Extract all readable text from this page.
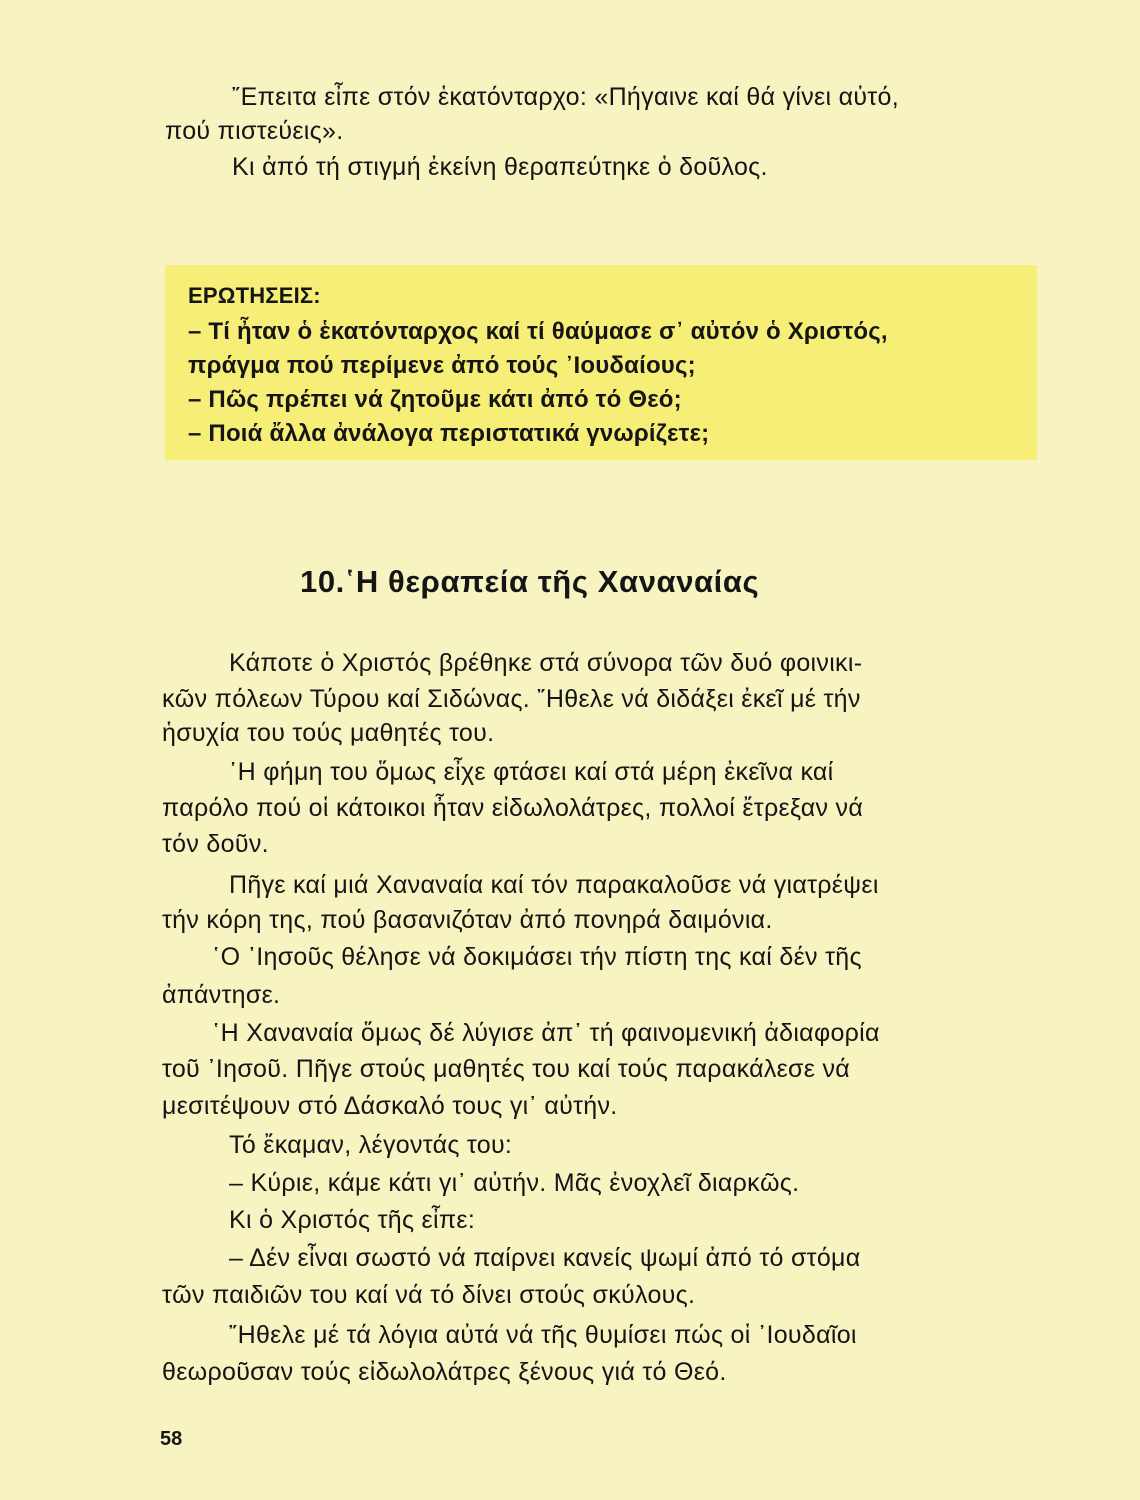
῎Επειτα εἶπε στόν ἑκατόνταρχο: «Πήγαινε καί θά γίνει αὐτό,
πού πιστεύεις».
Κι ἀπό τή στιγμή ἐκείνη θεραπεύτηκε ὁ δοῦλος.
ΕΡΩΤΗΣΕΙΣ:
– Τί ἦταν ὁ ἑκατόνταρχος καί τί θαύμασε σ᾽ αὐτόν ὁ Χριστός,
πράγμα πού περίμενε ἀπό τούς ᾽Ιουδαίους;
– Πῶς πρέπει νά ζητοῦμε κάτι ἀπό τό Θεό;
– Ποιά ἄλλα ἀνάλογα περιστατικά γνωρίζετε;
10.῾Η θεραπεία τῆς Χαναναίας
Κάποτε ὁ Χριστός βρέθηκε στά σύνορα τῶν δυό φοινικι-
κῶν πόλεων Τύρου καί Σιδώνας. ῎Ηθελε νά διδάξει ἐκεῖ μέ τήν
ἡσυχία του τούς μαθητές του.
῾Η φήμη του ὅμως εἶχε φτάσει καί στά μέρη ἐκεῖνα καί
παρόλο πού οἱ κάτοικοι ἦταν εἰδωλολάτρες, πολλοί ἔτρεξαν νά
τόν δοῦν.
Πῆγε καί μιά Χαναναία καί τόν παρακαλοῦσε νά γιατρέψει
τήν κόρη της, πού βασανιζόταν ἀπό πονηρά δαιμόνια.
῾Ο ᾽Ιησοῦς θέλησε νά δοκιμάσει τήν πίστη της καί δέν τῆς
ἀπάντησε.
῾Η Χαναναία ὅμως δέ λύγισε ἀπ᾽ τή φαινομενική ἀδιαφορία
τοῦ ᾽Ιησοῦ. Πῆγε στούς μαθητές του καί τούς παρακάλεσε νά
μεσιτέψουν στό Δάσκαλό τους γι᾽ αὐτήν.
Τό ἔκαμαν, λέγοντάς του:
– Κύριε, κάμε κάτι γι᾽ αὐτήν. Μᾶς ἐνοχλεῖ διαρκῶς.
Κι ὁ Χριστός τῆς εἶπε:
– Δέν εἶναι σωστό νά παίρνει κανείς ψωμί ἀπό τό στόμα
τῶν παιδιῶν του καί νά τό δίνει στούς σκύλους.
῎Ηθελε μέ τά λόγια αὐτά νά τῆς θυμίσει πώς οἱ ᾽Ιουδαῖοι
θεωροῦσαν τούς εἰδωλολάτρες ξένους γιά τό Θεό.
58
